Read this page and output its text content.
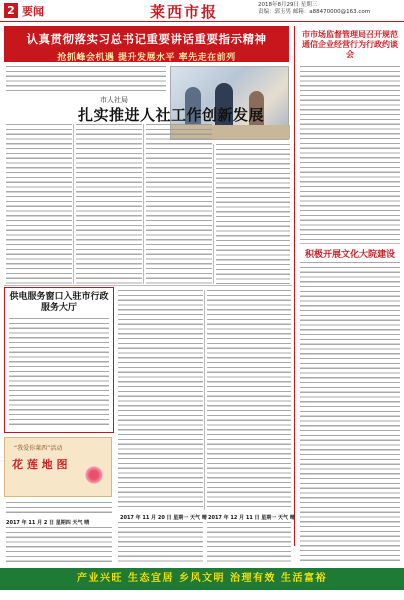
2 要闻	莱西市报	2018年8月29日 星期三
责编：郭玉男 邮箱：a88470000@163.com
认真贯彻落实习总书记重要讲话重要指示精神
抢抓峰会机遇 提升发展水平 率先走在前列
市人社局
扎实推进人社工作创新发展
市市场监督管理局召开规范通信企业经营行为行政约谈会
积极开展文化大院建设
供电服务窗口入驻市行政服务大厅
“我爱你莱西”活动
花 莲 地 图
2017 年 11 月 2 日 星期四 天气 晴
2017 年 11 月 20 日 星期一 天气 晴 2017 年 12 月 11 日 星期一 天气 晴
产业兴旺 生态宜居 乡风文明 治理有效 生活富裕
